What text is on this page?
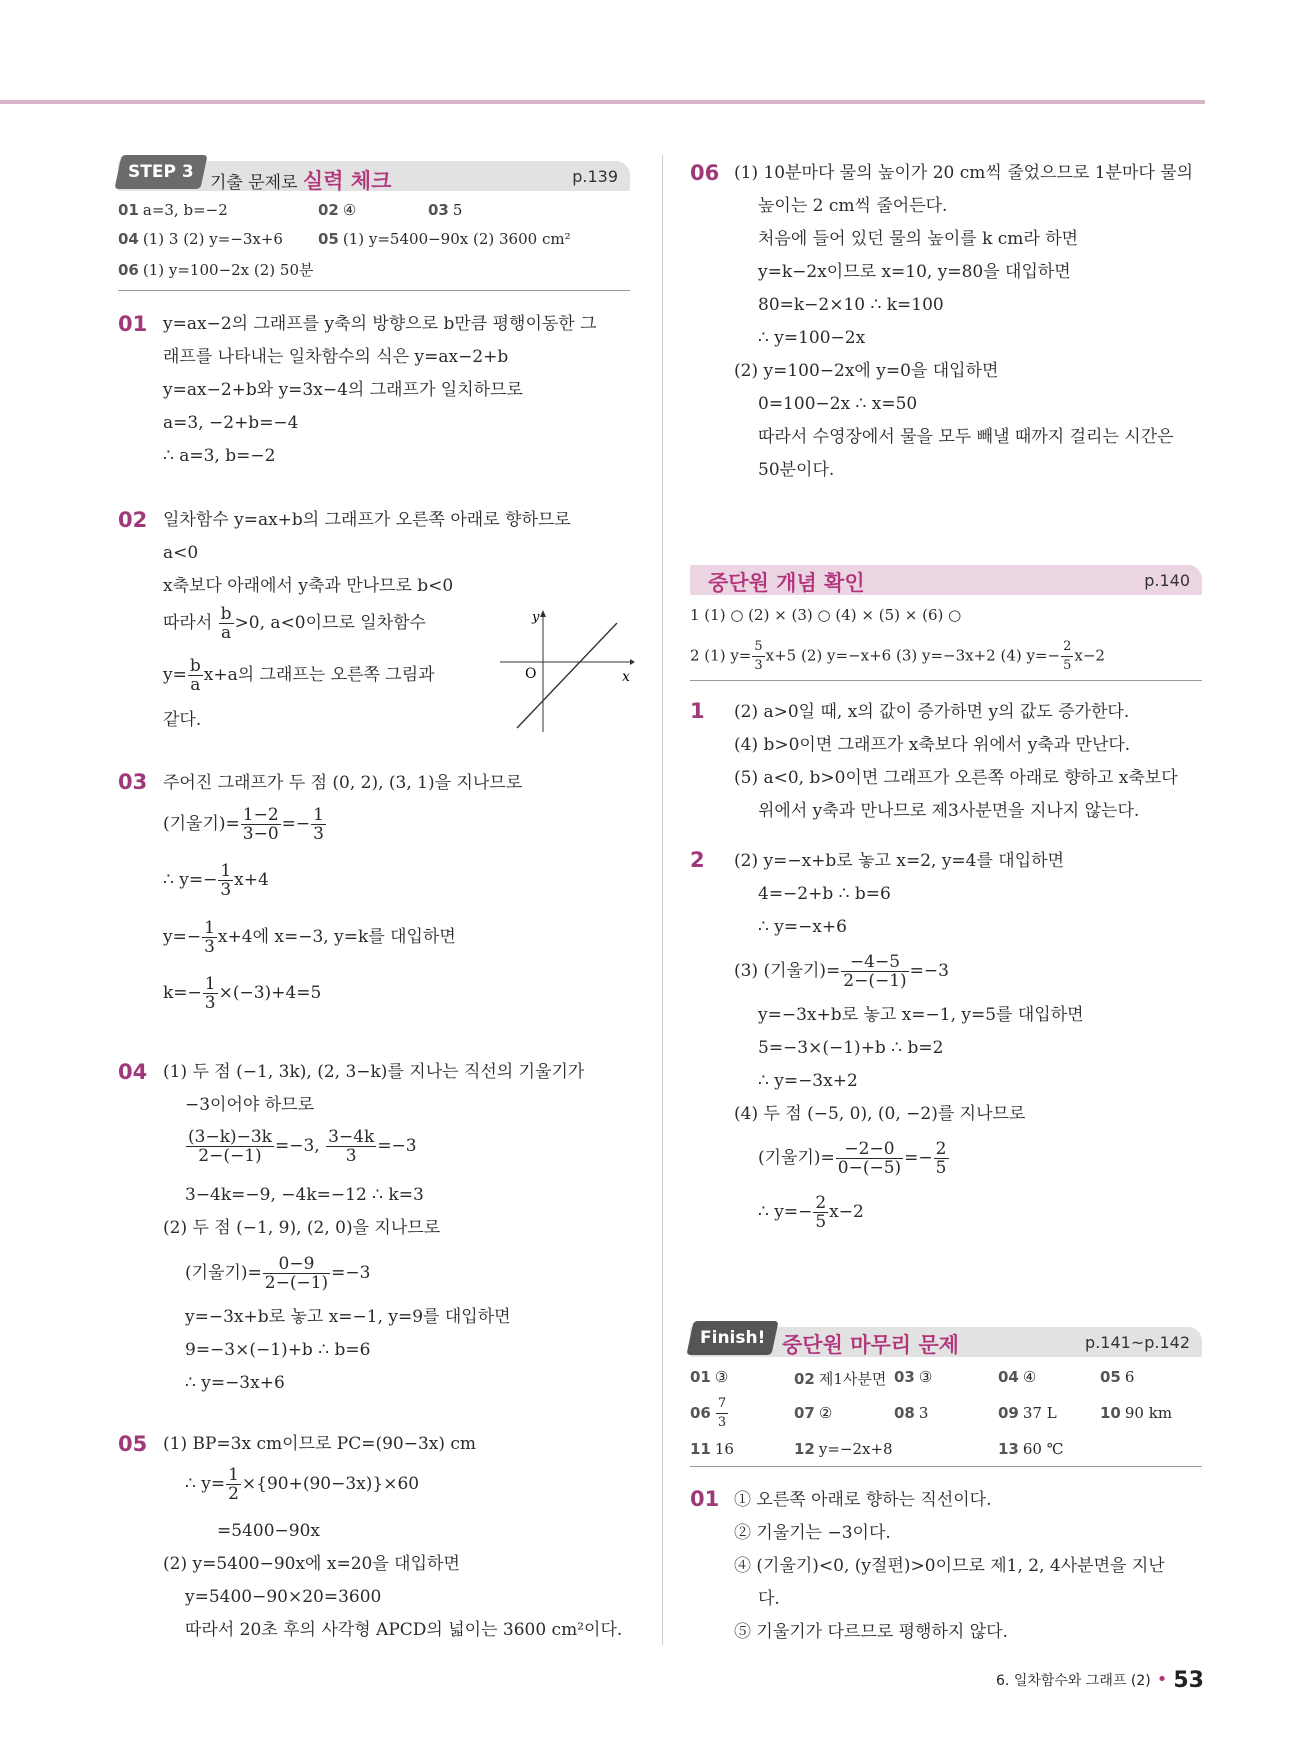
STEP 3
기출 문제로 실력 체크	p.139
01 a=3, b=−2	02 ④	03 5
04 (1) 3 (2) y=−3x+6 05 (1) y=5400−90x (2) 3600 cm²
06 (1) y=100−2x (2) 50분
01 y=ax−2의 그래프를 y축의 방향으로 b만큼 평행이동한 그
래프를 나타내는 일차함수의 식은 y=ax−2+b
y=ax−2+b와 y=3x−4의 그래프가 일치하므로
a=3, −2+b=−4
∴ a=3, b=−2
02 일차함수 y=ax+b의 그래프가 오른쪽 아래로 향하므로
a<0
x축보다 아래에서 y축과 만나므로 b<0
따라서 $\frac{b}{a} >0$, a<0이므로 일차함수
$y= \frac{b}{a} x+a$의 그래프는 오른쪽 그림과
같다.
x
y
O
03 주어진 그래프가 두 점 (0, 2), (3, 1)을 지나므로
(기울기)= $\frac{1-2}{3-0} =- \frac{1}{3}$
∴ $y=- \frac{1}{3} x+4$
$y=- \frac{1}{3} x+4$에 x=−3, y=k를 대입하면
$k=- \frac{1}{3} \times(-3)+4=5$
04 (1) 두 점 (−1, 3k), (2, 3−k)를 지나는 직선의 기울기가
−3이어야 하므로
$\frac{(3-k)-3k}{2-(-1)} =-3$, $\frac{3-4k}{3} =-3$
3−4k=−9, −4k=−12 ∴ k=3
(2) 두 점 (−1, 9), (2, 0)을 지나므로
(기울기)= $\frac{0-9}{2-(-1)} =-3$
y=−3x+b로 놓고 x=−1, y=9를 대입하면
9=−3×(−1)+b ∴ b=6
∴ y=−3x+6
05 (1) BP=3x cm이므로 PC=(90−3x) cm
∴ $y= \frac{1}{2} \times\{90+(90-3x)\}\times 60$
=5400−90x
(2) y=5400−90x에 x=20을 대입하면
y=5400−90×20=3600
따라서 20초 후의 사각형 APCD의 넓이는 3600 cm²이다.
06 (1) 10분마다 물의 높이가 20 cm씩 줄었으므로 1분마다 물의
높이는 2 cm씩 줄어든다.
처음에 들어 있던 물의 높이를 k cm라 하면
y=k−2x이므로 x=10, y=80을 대입하면
80=k−2×10 ∴ k=100
∴ y=100−2x
(2) y=100−2x에 y=0을 대입하면
0=100−2x ∴ x=50
따라서 수영장에서 물을 모두 빼낼 때까지 걸리는 시간은
50분이다.
중단원 개념 확인	p.140
1 (1) ○ (2) × (3) ○ (4) × (5) × (6) ○
2 (1) $y= \frac{5}{3} x+5$ (2) y=−x+6 (3) y=−3x+2 (4) $y=- \frac{2}{5} x-2$
1 (2) a>0일 때, x의 값이 증가하면 y의 값도 증가한다.
(4) b>0이면 그래프가 x축보다 위에서 y축과 만난다.
(5) a<0, b>0이면 그래프가 오른쪽 아래로 향하고 x축보다
위에서 y축과 만나므로 제3사분면을 지나지 않는다.
2 (2) y=−x+b로 놓고 x=2, y=4를 대입하면
4=−2+b ∴ b=6
∴ y=−x+6
(3) (기울기)= $\frac{-4-5}{2-(-1)} =-3$
y=−3x+b로 놓고 x=−1, y=5를 대입하면
5=−3×(−1)+b ∴ b=2
∴ y=−3x+2
(4) 두 점 (−5, 0), (0, −2)를 지나므로
(기울기)= $\frac{-2-0}{0-(-5)} =- \frac{2}{5}$
∴ $y=- \frac{2}{5} x-2$
Finish! 중단원 마무리 문제	p.141~p.142
01 ③	02 제1사분면 03 ③	04 ④	05 6
$06 \frac{7}{3}$	07 ②	08 3	09 37 L	10 90 km
11 16	12 y=−2x+8	13 60 ℃
01 ① 오른쪽 아래로 향하는 직선이다.
② 기울기는 −3이다.
④ (기울기)<0, (y절편)>0이므로 제1, 2, 4사분면을 지난
다.
⑤ 기울기가 다르므로 평행하지 않다.
6. 일차함수와 그래프 (2) • 53
